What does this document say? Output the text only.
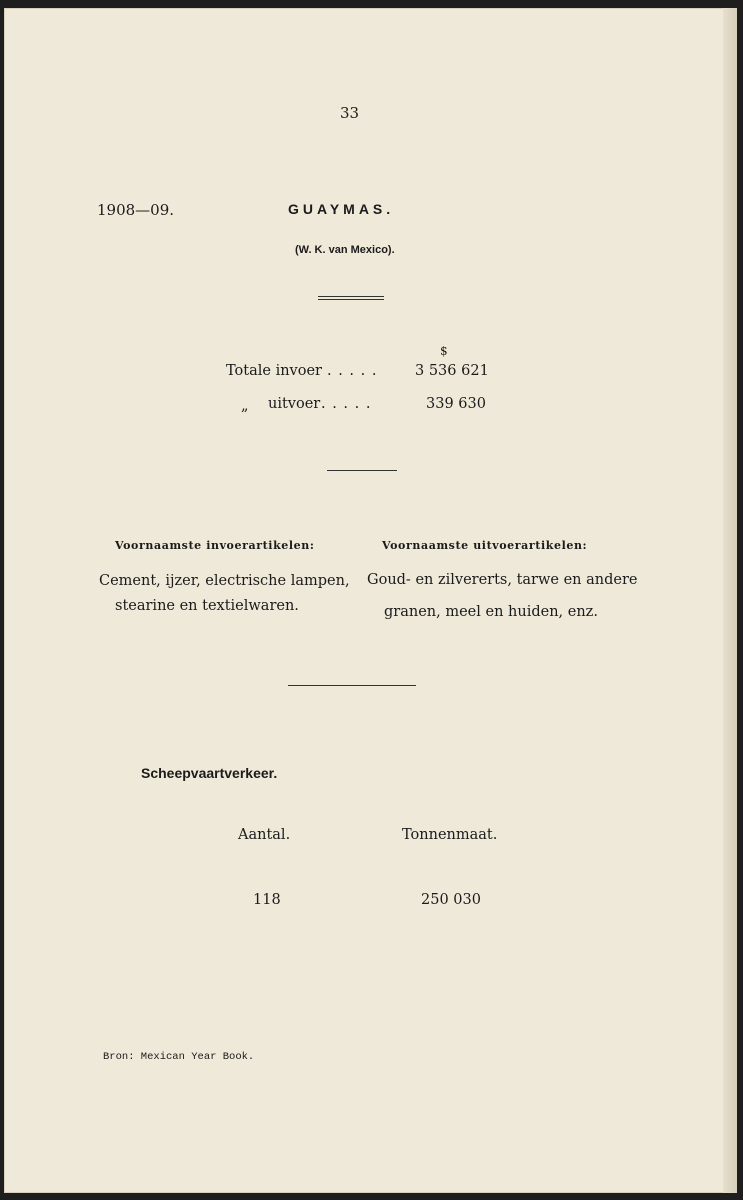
33
1908—09.	GUAYMAS.
(W. K. van Mexico).
$
Totale invoer . . . . .	3 536 621
„ uitvoer . . . . .	339 630
Voornaamste invoerartikelen:
Cement, ijzer, electrische lampen,
stearine en textielwaren.
Voornaamste uitvoerartikelen:
Goud- en zilvererts, tarwe en andere
granen, meel en huiden, enz.
Scheepvaartverkeer.
Aantal.	Tonnenmaat.
118	250 030
Bron: Mexican Year Book.
